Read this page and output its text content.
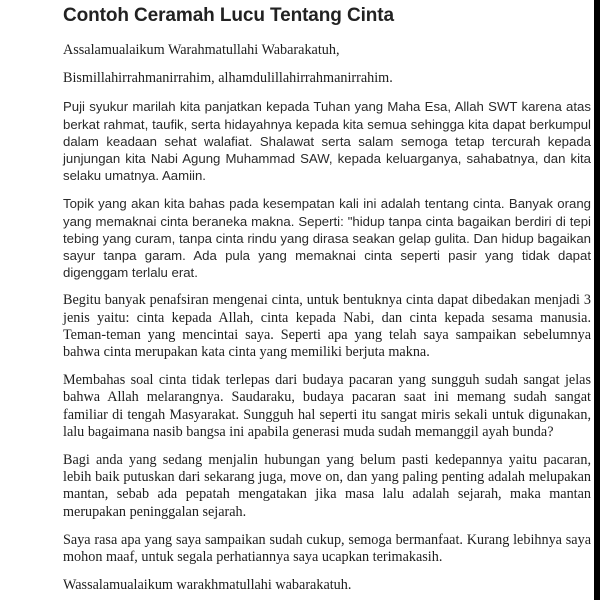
Contoh Ceramah Lucu Tentang Cinta

Assalamualaikum Warahmatullahi Wabarakatuh,

Bismillahirrahmanirrahim, alhamdulillahirrahmanirrahim.

Puji syukur marilah kita panjatkan kepada Tuhan yang Maha Esa, Allah SWT karena atas berkat rahmat, taufik, serta hidayahnya kepada kita semua sehingga kita dapat berkumpul dalam keadaan sehat walafiat. Shalawat serta salam semoga tetap tercurah kepada junjungan kita Nabi Agung Muhammad SAW, kepada keluarganya, sahabatnya, dan kita selaku umatnya. Aamiin.

Topik yang akan kita bahas pada kesempatan kali ini adalah tentang cinta. Banyak orang yang memaknai cinta beraneka makna. Seperti: "hidup tanpa cinta bagaikan berdiri di tepi tebing yang curam, tanpa cinta rindu yang dirasa seakan gelap gulita. Dan hidup bagaikan sayur tanpa garam. Ada pula yang memaknai cinta seperti pasir yang tidak dapat digenggam terlalu erat.

Begitu banyak penafsiran mengenai cinta, untuk bentuknya cinta dapat dibedakan menjadi 3 jenis yaitu: cinta kepada Allah, cinta kepada Nabi, dan cinta kepada sesama manusia. Teman-teman yang mencintai saya. Seperti apa yang telah saya sampaikan sebelumnya bahwa cinta merupakan kata cinta yang memiliki berjuta makna.

Membahas soal cinta tidak terlepas dari budaya pacaran yang sungguh sudah sangat jelas bahwa Allah melarangnya. Saudaraku, budaya pacaran saat ini memang sudah sangat familiar di tengah Masyarakat. Sungguh hal seperti itu sangat miris sekali untuk digunakan, lalu bagaimana nasib bangsa ini apabila generasi muda sudah memanggil ayah bunda?

Bagi anda yang sedang menjalin hubungan yang belum pasti kedepannya yaitu pacaran, lebih baik putuskan dari sekarang juga, move on, dan yang paling penting adalah melupakan mantan, sebab ada pepatah mengatakan jika masa lalu adalah sejarah, maka mantan merupakan peninggalan sejarah.

Saya rasa apa yang saya sampaikan sudah cukup, semoga bermanfaat. Kurang lebihnya saya mohon maaf, untuk segala perhatiannya saya ucapkan terimakasih.

Wassalamualaikum warakhmatullahi wabarakatuh.
